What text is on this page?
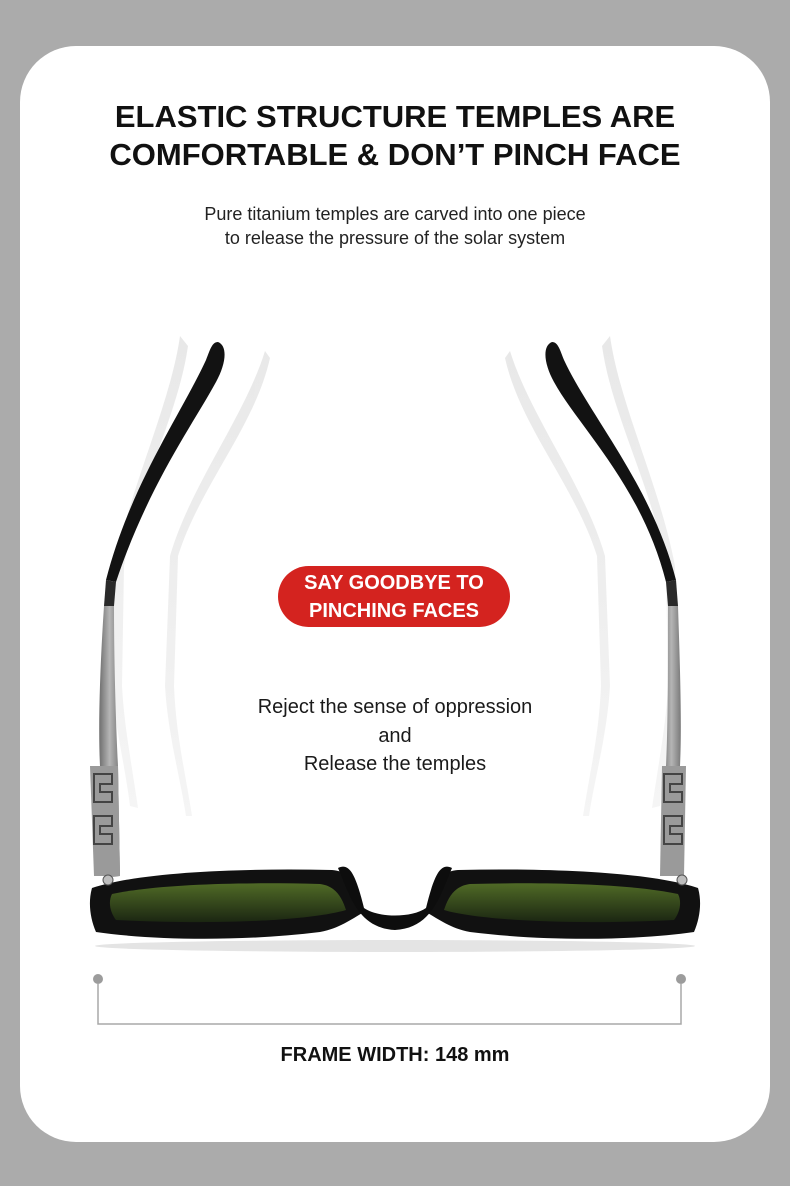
ELASTIC STRUCTURE TEMPLES ARE
COMFORTABLE & DON’T PINCH FACE

Pure titanium temples are carved into one piece

to release the pressure of the solar system

SAY GOODBYE TO
PINCHING FACES

Reject the sense of oppression

and

Release the temples

FRAME WIDTH: 148 mm
